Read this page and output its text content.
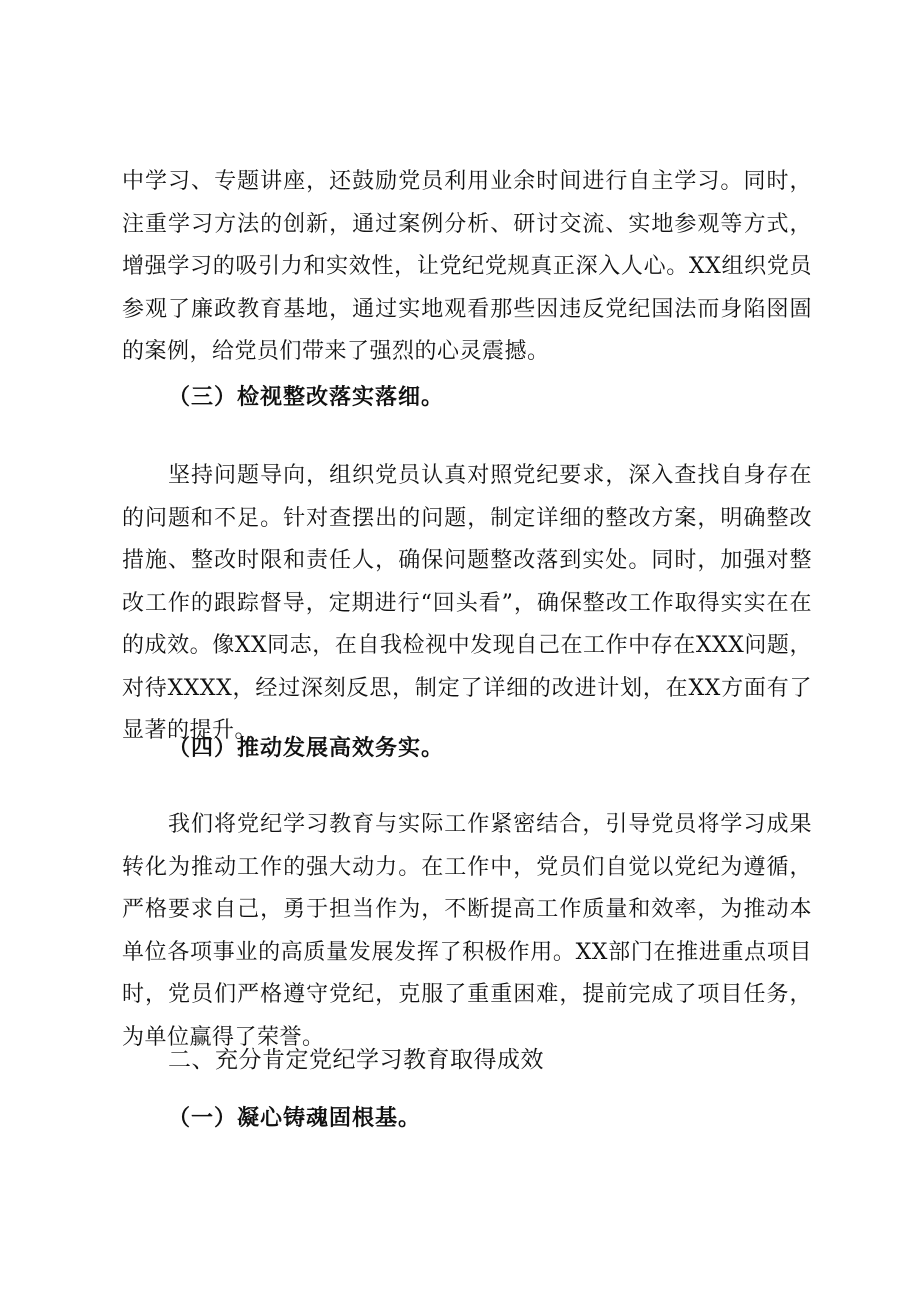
中学习、专题讲座，还鼓励党员利用业余时间进行自主学习。同时，注重学习方法的创新，通过案例分析、研讨交流、实地参观等方式，增强学习的吸引力和实效性，让党纪党规真正深入人心。XX组织党员参观了廉政教育基地，通过实地观看那些因违反党纪国法而身陷囹圄的案例，给党员们带来了强烈的心灵震撼。

（三）检视整改落实落细。

坚持问题导向，组织党员认真对照党纪要求，深入查找自身存在的问题和不足。针对查摆出的问题，制定详细的整改方案，明确整改措施、整改时限和责任人，确保问题整改落到实处。同时，加强对整改工作的跟踪督导，定期进行“回头看”，确保整改工作取得实实在在的成效。像XX同志，在自我检视中发现自己在工作中存在XXX问题，对待XXXX，经过深刻反思，制定了详细的改进计划，在XX方面有了显著的提升。

（四）推动发展高效务实。

我们将党纪学习教育与实际工作紧密结合，引导党员将学习成果转化为推动工作的强大动力。在工作中，党员们自觉以党纪为遵循，严格要求自己，勇于担当作为，不断提高工作质量和效率，为推动本单位各项事业的高质量发展发挥了积极作用。XX部门在推进重点项目时，党员们严格遵守党纪，克服了重重困难，提前完成了项目任务，为单位赢得了荣誉。

二、充分肯定党纪学习教育取得成效
（一）凝心铸魂固根基。
